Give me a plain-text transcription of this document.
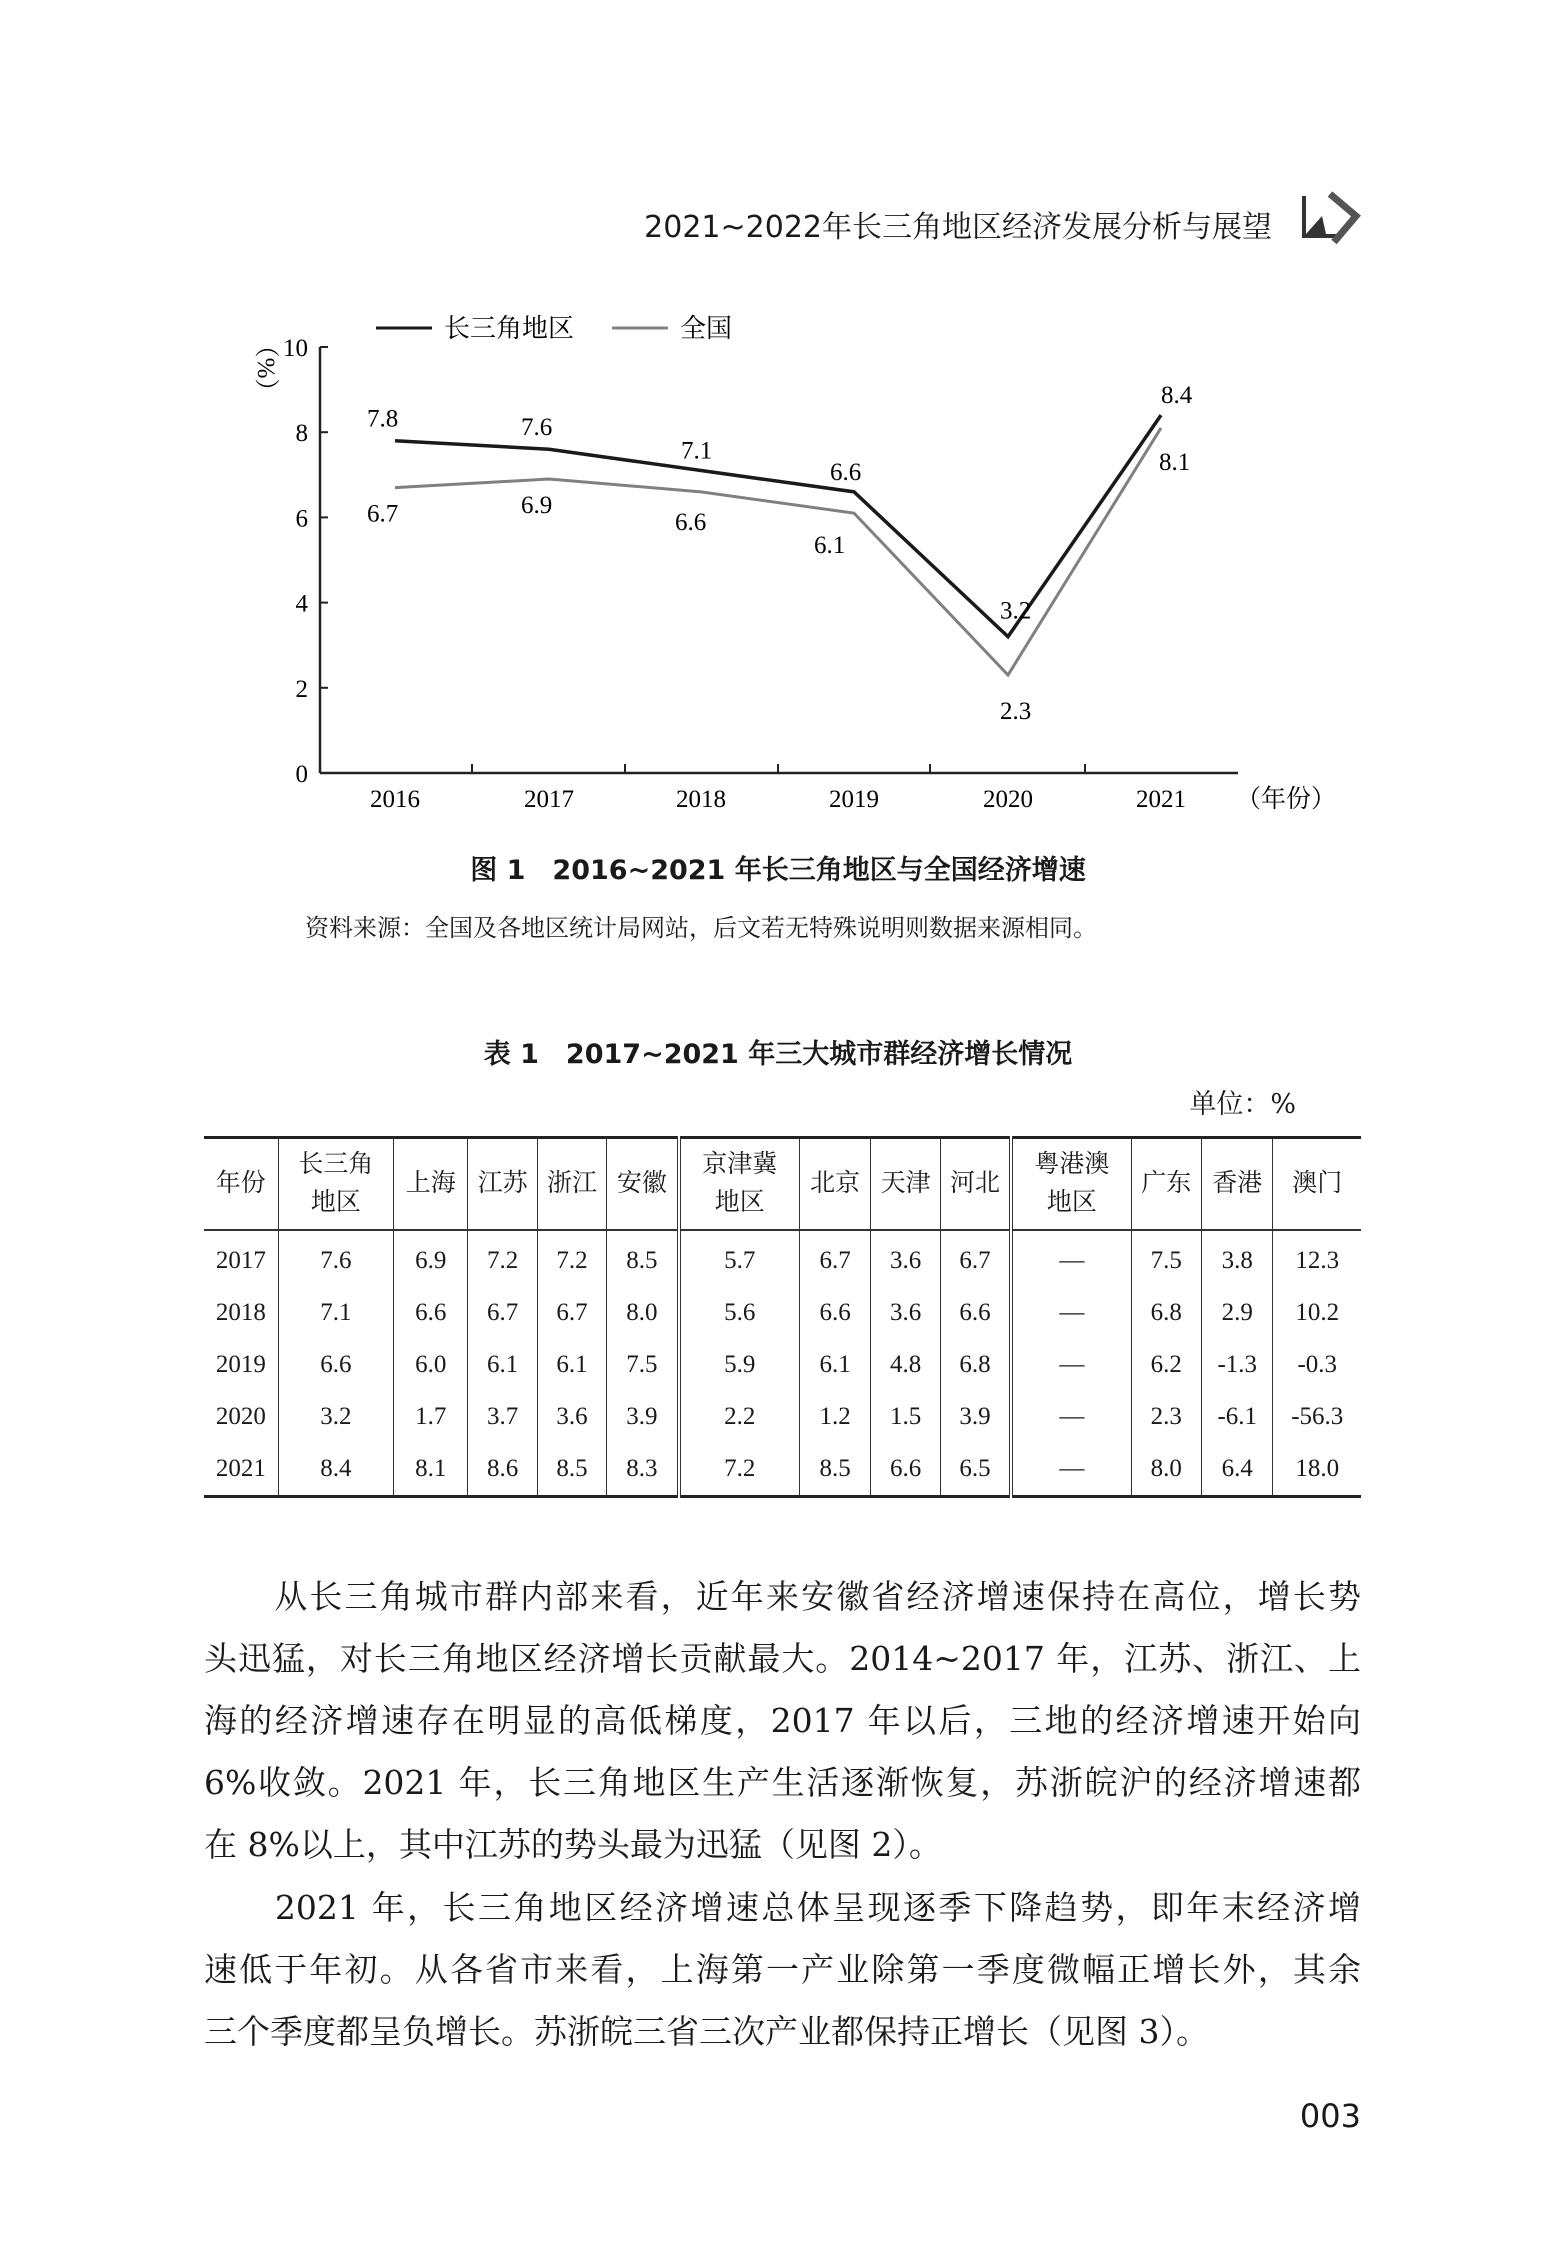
2021~2022年长三角地区经济发展分析与展望
0
2
4
6
8
10
2016	2017	2018	2019	2020	2021 （年份）
（%）
7.8	7.6
7.1
6.6
3.2
8.4
长三角地区
6.7	6.9
6.6
6.1
2.3
8.1
全国
图 1　2016~2021 年长三角地区与全国经济增速
资料来源：全国及各地区统计局网站，后文若无特殊说明则数据来源相同。
表 1　2017~2021 年三大城市群经济增长情况
单位：%
年份	长三角地区	上海	江苏	浙江	安徽	京津冀地区	北京	天津	河北	粤港澳地区	广东	香港	澳门
2017	7.6	6.9	7.2	7.2	8.5	5.7	6.7	3.6	6.7	—	7.5	3.8	12.3
2018	7.1	6.6	6.7	6.7	8.0	5.6	6.6	3.6	6.6	—	6.8	2.9	10.2
2019	6.6	6.0	6.1	6.1	7.5	5.9	6.1	4.8	6.8	—	6.2	-1.3	-0.3
2020	3.2	1.7	3.7	3.6	3.9	2.2	1.2	1.5	3.9	—	2.3	-6.1	-56.3
2021	8.4	8.1	8.6	8.5	8.3	7.2	8.5	6.6	6.5	—	8.0	6.4	18.0
　　从长三角城市群内部来看，近年来安徽省经济增速保持在高位，增长势
头迅猛，对长三角地区经济增长贡献最大。2014~2017 年，江苏、浙江、上
海的经济增速存在明显的高低梯度，2017 年以后，三地的经济增速开始向
6%收敛。2021 年，长三角地区生产生活逐渐恢复，苏浙皖沪的经济增速都
在 8%以上，其中江苏的势头最为迅猛（见图 2）。
　　2021 年，长三角地区经济增速总体呈现逐季下降趋势，即年末经济增
速低于年初。从各省市来看，上海第一产业除第一季度微幅正增长外，其余
三个季度都呈负增长。苏浙皖三省三次产业都保持正增长（见图 3）。
003
